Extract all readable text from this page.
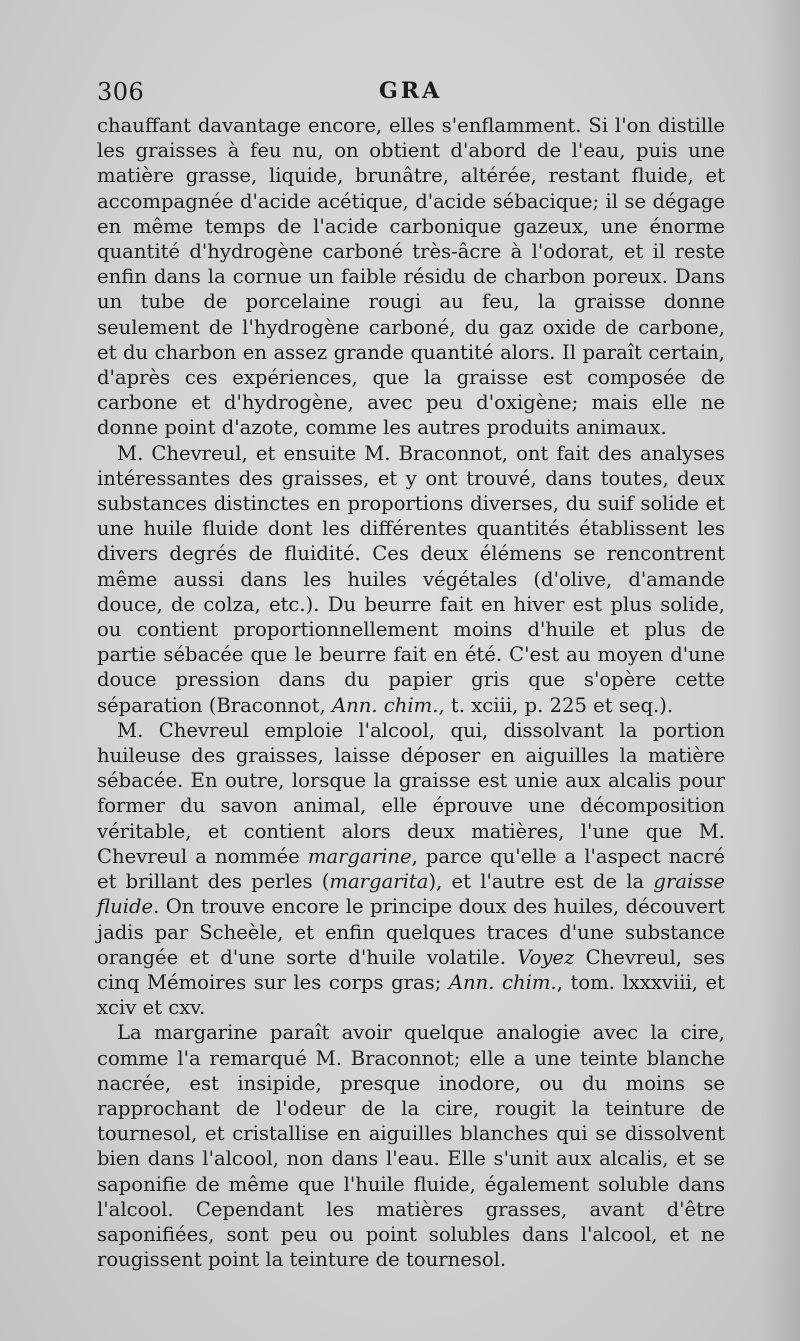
306	GRA

chauffant davantage encore, elles s'enflamment. Si l'on distille les graisses à feu nu, on obtient d'abord de l'eau, puis une matière grasse, liquide, brunâtre, altérée, restant fluide, et accompagnée d'acide acétique, d'acide sébacique; il se dégage en même temps de l'acide carbonique gazeux, une énorme quantité d'hydrogène carboné très-âcre à l'odorat, et il reste enfin dans la cornue un faible résidu de charbon poreux. Dans un tube de porcelaine rougi au feu, la graisse donne seulement de l'hydrogène carboné, du gaz oxide de carbone, et du charbon en assez grande quantité alors. Il paraît certain, d'après ces expériences, que la graisse est composée de carbone et d'hydrogène, avec peu d'oxigène; mais elle ne donne point d'azote, comme les autres produits animaux.

M. Chevreul, et ensuite M. Braconnot, ont fait des analyses intéressantes des graisses, et y ont trouvé, dans toutes, deux substances distinctes en proportions diverses, du suif solide et une huile fluide dont les différentes quantités établissent les divers degrés de fluidité. Ces deux élémens se rencontrent même aussi dans les huiles végétales (d'olive, d'amande douce, de colza, etc.). Du beurre fait en hiver est plus solide, ou contient proportionnellement moins d'huile et plus de partie sébacée que le beurre fait en été. C'est au moyen d'une douce pression dans du papier gris que s'opère cette séparation (Braconnot, Ann. chim., t. xciii, p. 225 et seq.).

M. Chevreul emploie l'alcool, qui, dissolvant la portion huileuse des graisses, laisse déposer en aiguilles la matière sébacée. En outre, lorsque la graisse est unie aux alcalis pour former du savon animal, elle éprouve une décomposition véritable, et contient alors deux matières, l'une que M. Chevreul a nommée margarine, parce qu'elle a l'aspect nacré et brillant des perles (margarita), et l'autre est de la graisse fluide. On trouve encore le principe doux des huiles, découvert jadis par Scheèle, et enfin quelques traces d'une substance orangée et d'une sorte d'huile volatile. Voyez Chevreul, ses cinq Mémoires sur les corps gras; Ann. chim., tom. lxxxviii, et xciv et cxv.

La margarine paraît avoir quelque analogie avec la cire, comme l'a remarqué M. Braconnot; elle a une teinte blanche nacrée, est insipide, presque inodore, ou du moins se rapprochant de l'odeur de la cire, rougit la teinture de tournesol, et cristallise en aiguilles blanches qui se dissolvent bien dans l'alcool, non dans l'eau. Elle s'unit aux alcalis, et se saponifie de même que l'huile fluide, également soluble dans l'alcool. Cependant les matières grasses, avant d'être saponifiées, sont peu ou point solubles dans l'alcool, et ne rougissent point la teinture de tournesol.
